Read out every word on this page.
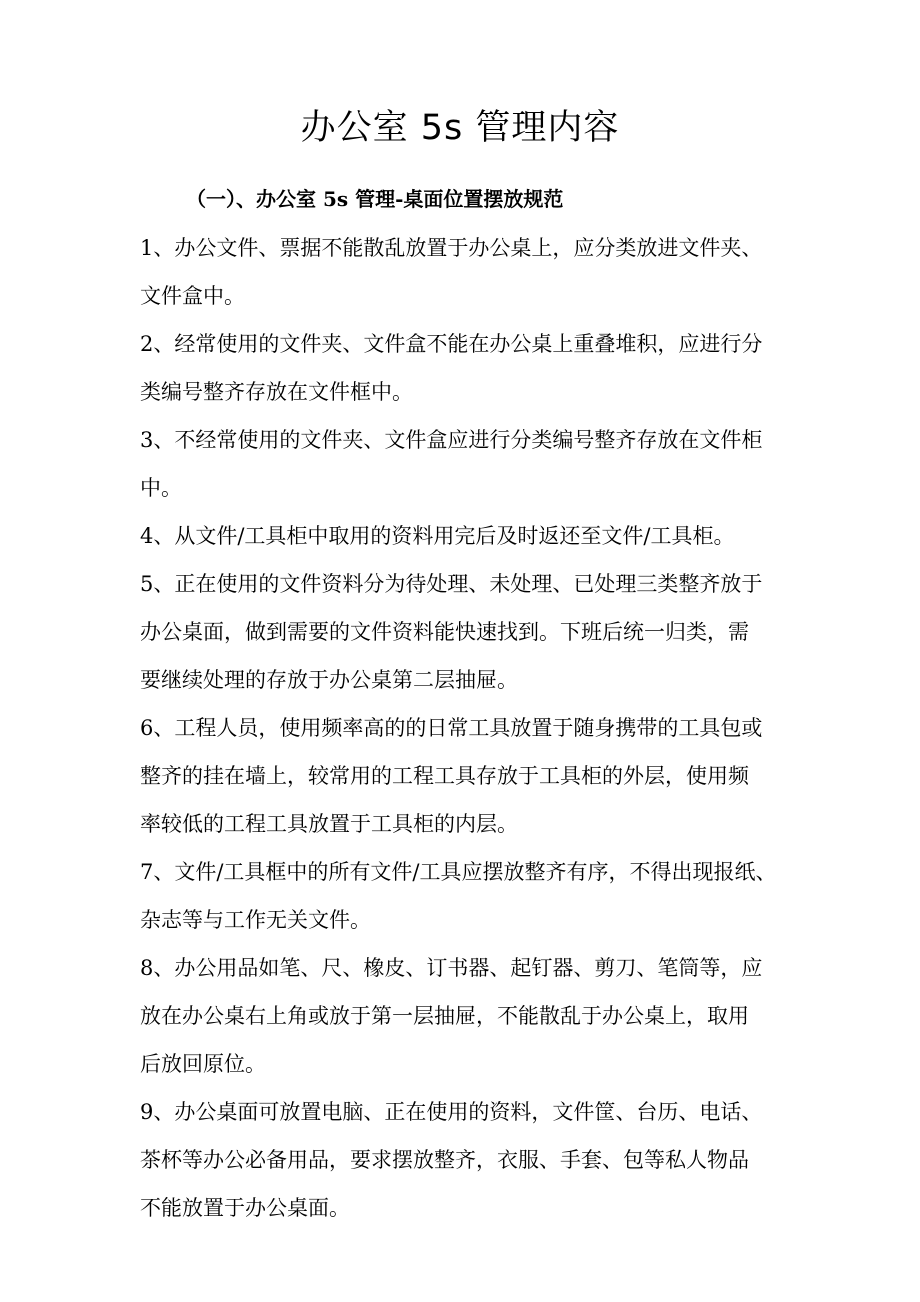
办公室 5s 管理内容
（一）、办公室 5s 管理-桌面位置摆放规范
1、办公文件、票据不能散乱放置于办公桌上，应分类放进文件夹、
文件盒中。
2、经常使用的文件夹、文件盒不能在办公桌上重叠堆积，应进行分
类编号整齐存放在文件框中。
3、不经常使用的文件夹、文件盒应进行分类编号整齐存放在文件柜
中。
4、从文件/工具柜中取用的资料用完后及时返还至文件/工具柜。
5、正在使用的文件资料分为待处理、未处理、已处理三类整齐放于
办公桌面，做到需要的文件资料能快速找到。下班后统一归类，需
要继续处理的存放于办公桌第二层抽屉。
6、工程人员，使用频率高的的日常工具放置于随身携带的工具包或
整齐的挂在墙上，较常用的工程工具存放于工具柜的外层，使用频
率较低的工程工具放置于工具柜的内层。
7、文件/工具框中的所有文件/工具应摆放整齐有序，不得出现报纸、
杂志等与工作无关文件。
8、办公用品如笔、尺、橡皮、订书器、起钉器、剪刀、笔筒等，应
放在办公桌右上角或放于第一层抽屉，不能散乱于办公桌上，取用
后放回原位。
9、办公桌面可放置电脑、正在使用的资料，文件筐、台历、电话、
茶杯等办公必备用品，要求摆放整齐，衣服、手套、包等私人物品
不能放置于办公桌面。
